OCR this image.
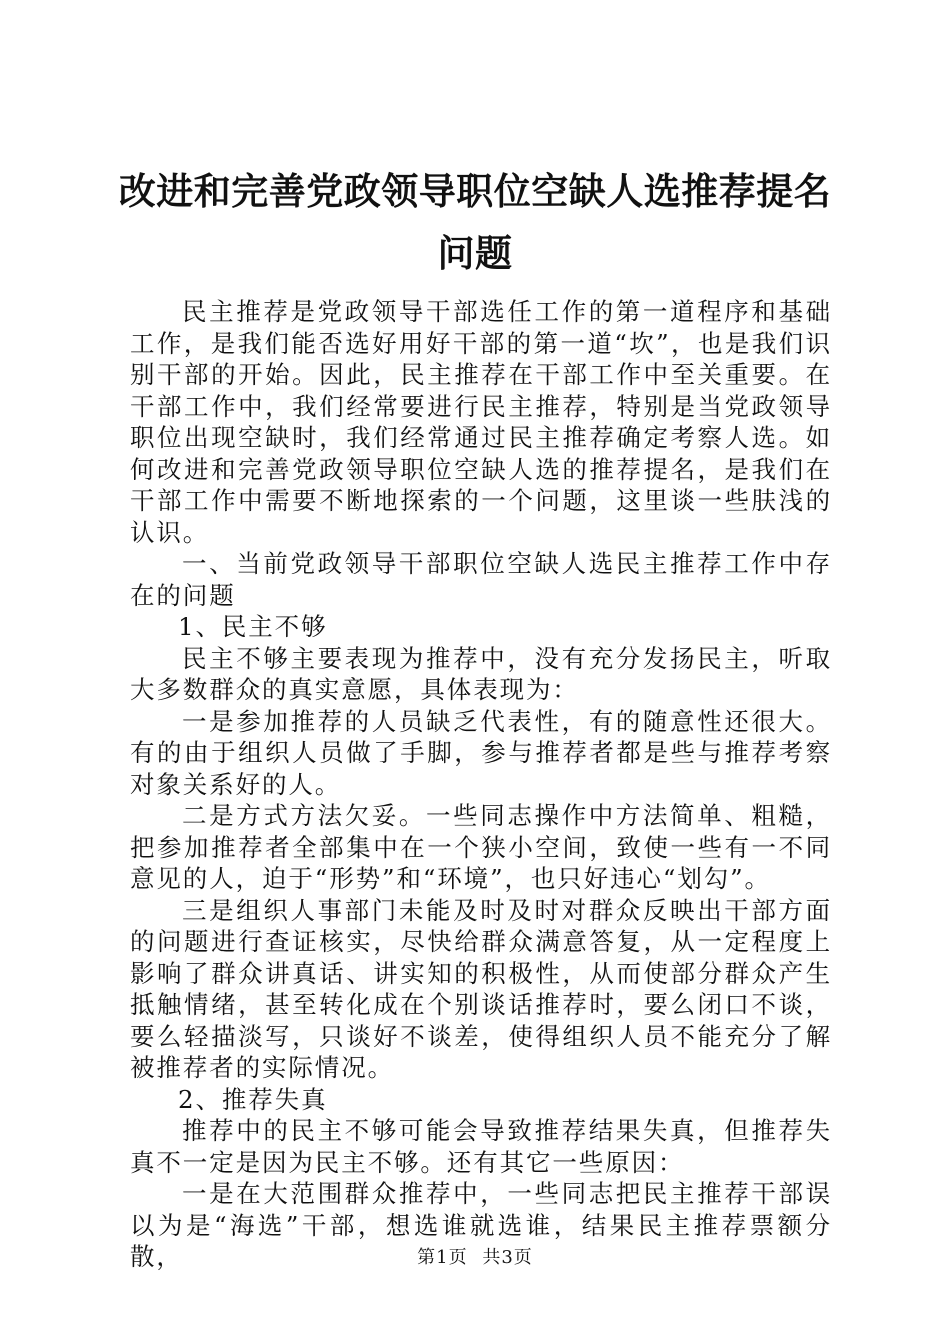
改进和完善党政领导职位空缺人选推荐提名问题

民主推荐是党政领导干部选任工作的第一道程序和基础工作，是我们能否选好用好干部的第一道“坎”，也是我们识别干部的开始。因此，民主推荐在干部工作中至关重要。在干部工作中，我们经常要进行民主推荐，特别是当党政领导职位出现空缺时，我们经常通过民主推荐确定考察人选。如何改进和完善党政领导职位空缺人选的推荐提名，是我们在干部工作中需要不断地探索的一个问题，这里谈一些肤浅的认识。

一、当前党政领导干部职位空缺人选民主推荐工作中存在的问题

1、民主不够

民主不够主要表现为推荐中，没有充分发扬民主，听取大多数群众的真实意愿，具体表现为：

一是参加推荐的人员缺乏代表性，有的随意性还很大。有的由于组织人员做了手脚，参与推荐者都是些与推荐考察对象关系好的人。

二是方式方法欠妥。一些同志操作中方法简单、粗糙，把参加推荐者全部集中在一个狭小空间，致使一些有一不同意见的人，迫于“形势”和“环境”，也只好违心“划勾”。

三是组织人事部门未能及时及时对群众反映出干部方面的问题进行查证核实，尽快给群众满意答复，从一定程度上影响了群众讲真话、讲实知的积极性，从而使部分群众产生抵触情绪，甚至转化成在个别谈话推荐时，要么闭口不谈，要么轻描淡写，只谈好不谈差，使得组织人员不能充分了解被推荐者的实际情况。

2、推荐失真

推荐中的民主不够可能会导致推荐结果失真，但推荐失真不一定是因为民主不够。还有其它一些原因：

一是在大范围群众推荐中，一些同志把民主推荐干部误以为是“海选”干部，想选谁就选谁，结果民主推荐票额分散，	第1页 共3页
